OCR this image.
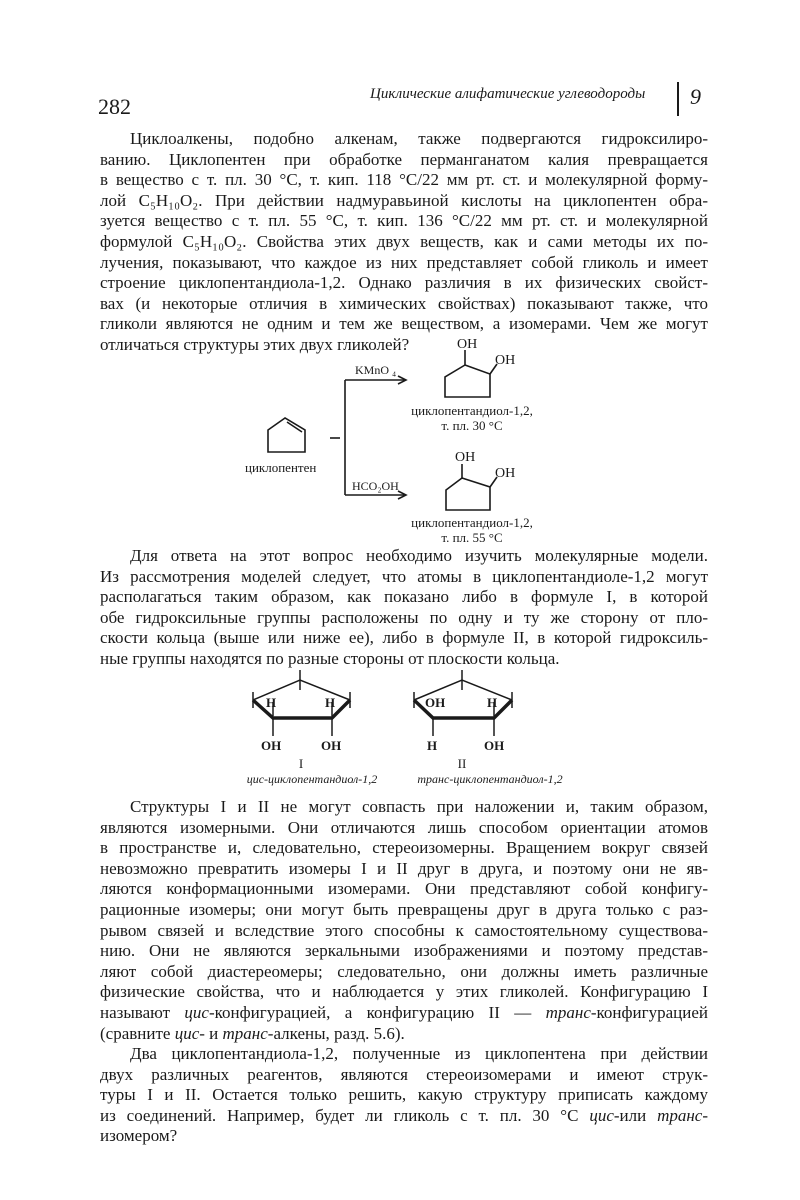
282	Циклические алифатические углеводороды 9
Циклоалкены, подобно алкенам, также подвергаются гидроксилиро-
ванию. Циклопентен при обработке перманганатом калия превращается
в вещество с т. пл. 30 °С, т. кип. 118 °С/22 мм рт. ст. и молекулярной форму-
лой C₅H₁₀O₂. При действии надмуравьиной кислоты на циклопентен обра-
зуется вещество с т. пл. 55 °С, т. кип. 136 °С/22 мм рт. ст. и молекулярной
формулой C₅H₁₀O₂. Свойства этих двух веществ, как и сами методы их по-
лучения, показывают, что каждое из них представляет собой гликоль и имеет
строение циклопентандиола-1,2. Однако различия в их физических свойст-
вах (и некоторые отличия в химических свойствах) показывают также, что
гликоли являются не одним и тем же веществом, а изомерами. Чем же могут
отличаться структуры этих двух гликолей?
Для ответа на этот вопрос необходимо изучить молекулярные модели.
Из рассмотрения моделей следует, что атомы в циклопентандиоле-1,2 могут
располагаться таким образом, как показано либо в формуле I, в которой
обе гидроксильные группы расположены по одну и ту же сторону от пло-
скости кольца (выше или ниже ее), либо в формуле II, в которой гидроксиль-
ные группы находятся по разные стороны от плоскости кольца.
Структуры I и II не могут совпасть при наложении и, таким образом,
являются изомерными. Они отличаются лишь способом ориентации атомов
в пространстве и, следовательно, стереоизомерны. Вращением вокруг связей
невозможно превратить изомеры I и II друг в друга, и поэтому они не яв-
ляются конформационными изомерами. Они представляют собой конфигу-
рационные изомеры; они могут быть превращены друг в друга только с раз-
рывом связей и вследствие этого способны к самостоятельному существова-
нию. Они не являются зеркальными изображениями и поэтому представ-
ляют собой диастереомеры; следовательно, они должны иметь различные
физические свойства, что и наблюдается у этих гликолей. Конфигурацию I
называют цис-конфигурацией, а конфигурацию II — транс-конфигурацией
(сравните цис- и транс-алкены, разд. 5.6).
Два циклопентандиола-1,2, полученные из циклопентена при действии
двух различных реагентов, являются стереоизомерами и имеют струк-
туры I и II. Остается только решить, какую структуру приписать каждому
из соединений. Например, будет ли гликоль с т. пл. 30 °С цис-или транс-
изомером?
циклопентен
KMnO ₄
HCO₂OH
OH
OH
циклопентандиол-1,2,
т. пл. 30 °С
OH
OH
циклопентандиол-1,2,
т. пл. 55 °С
H	H
OH	OH
I
цис-циклопентандиол-1,2
OH	H
H	OH
II
транс-циклопентандиол-1,2
